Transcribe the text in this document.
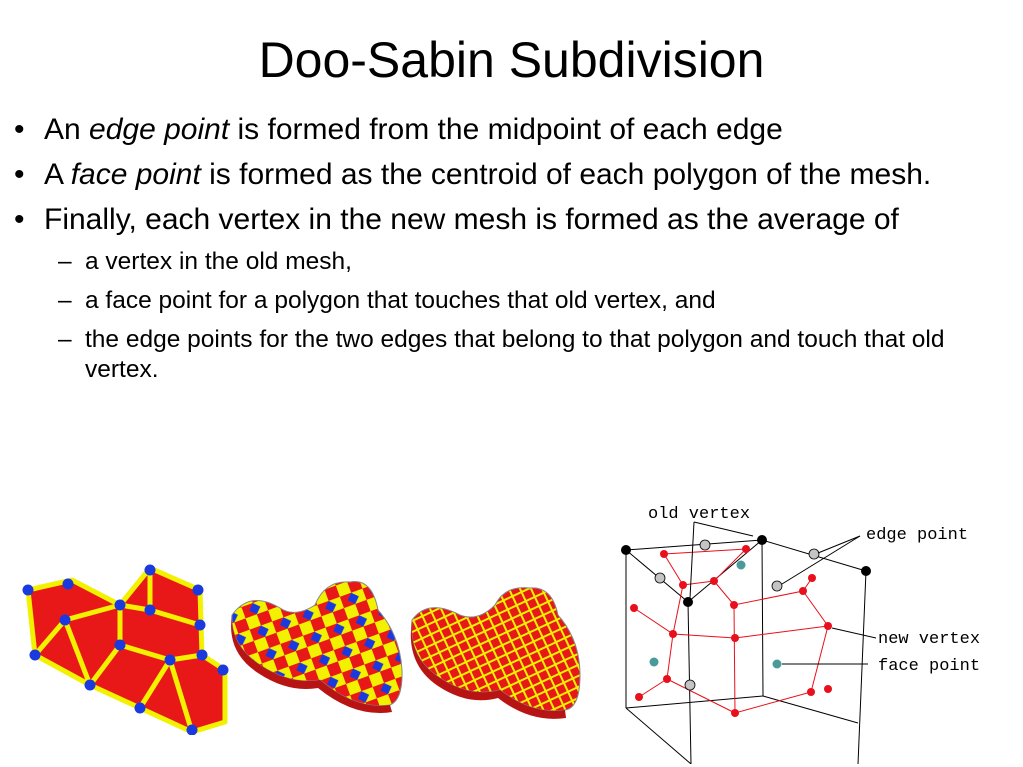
Doo-Sabin Subdivision
• An edge point is formed from the midpoint of each edge
• A face point is formed as the centroid of each polygon of the mesh.
• Finally, each vertex in the new mesh is formed as the average of
– a vertex in the old mesh,
– a face point for a polygon that touches that old vertex, and
– the edge points for the two edges that belong to that polygon and touch that old vertex.
old vertex
edge point
new vertex
face point
